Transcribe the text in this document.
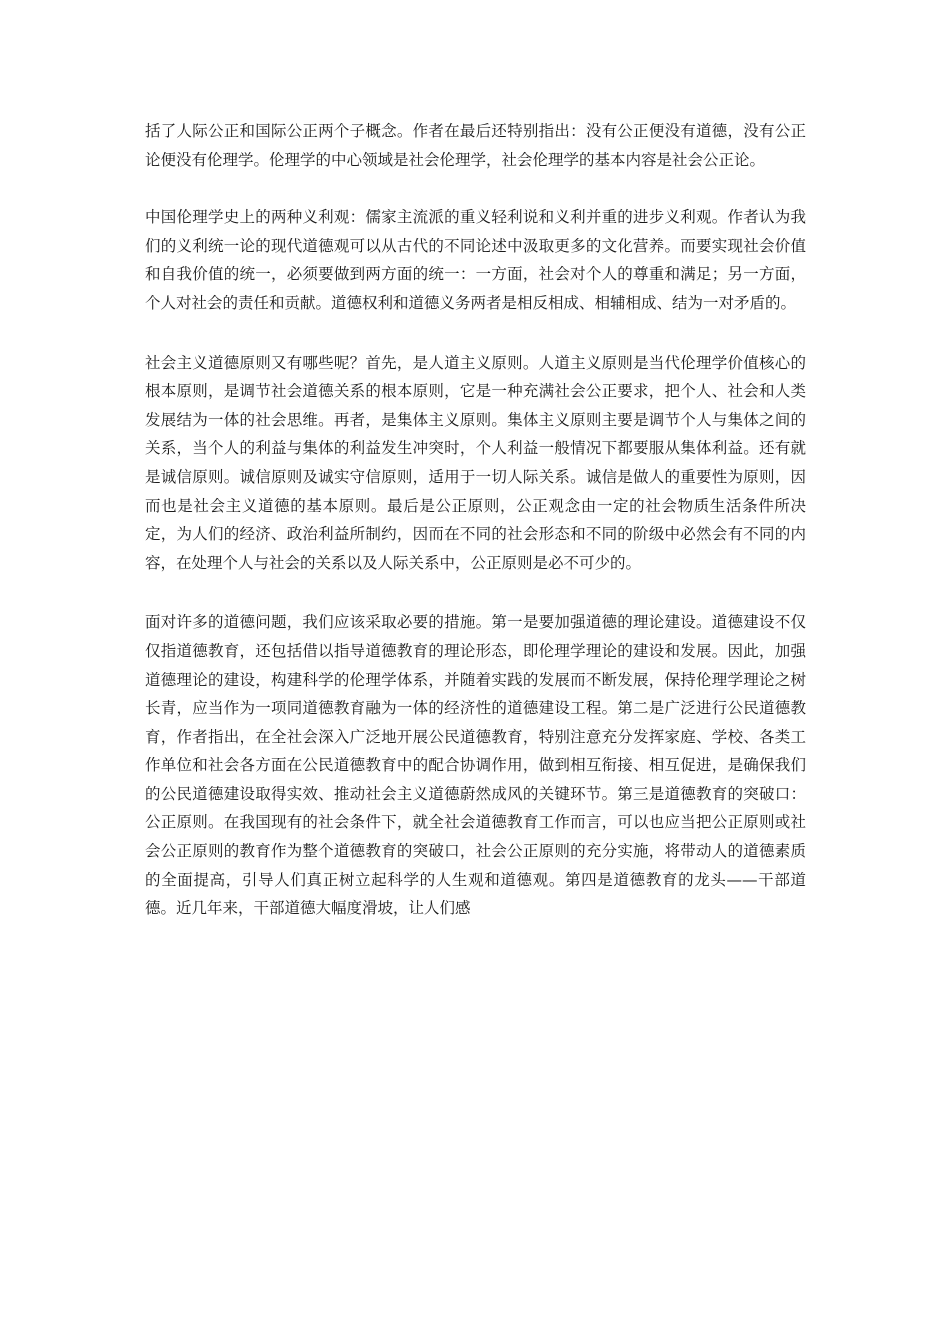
括了人际公正和国际公正两个子概念。作者在最后还特别指出：没有公正便没有道德，没有公正论便没有伦理学。伦理学的中心领域是社会伦理学，社会伦理学的基本内容是社会公正论。

中国伦理学史上的两种义利观：儒家主流派的重义轻利说和义利并重的进步义利观。作者认为我们的义利统一论的现代道德观可以从古代的不同论述中汲取更多的文化营养。而要实现社会价值和自我价值的统一，必须要做到两方面的统一：一方面，社会对个人的尊重和满足；另一方面，个人对社会的责任和贡献。道德权利和道德义务两者是相反相成、相辅相成、结为一对矛盾的。

社会主义道德原则又有哪些呢？首先，是人道主义原则。人道主义原则是当代伦理学价值核心的根本原则，是调节社会道德关系的根本原则，它是一种充满社会公正要求，把个人、社会和人类发展结为一体的社会思维。再者，是集体主义原则。集体主义原则主要是调节个人与集体之间的关系，当个人的利益与集体的利益发生冲突时，个人利益一般情况下都要服从集体利益。还有就是诚信原则。诚信原则及诚实守信原则，适用于一切人际关系。诚信是做人的重要性为原则，因而也是社会主义道德的基本原则。最后是公正原则，公正观念由一定的社会物质生活条件所决定，为人们的经济、政治利益所制约，因而在不同的社会形态和不同的阶级中必然会有不同的内容，在处理个人与社会的关系以及人际关系中，公正原则是必不可少的。

面对许多的道德问题，我们应该采取必要的措施。第一是要加强道德的理论建设。道德建设不仅仅指道德教育，还包括借以指导道德教育的理论形态，即伦理学理论的建设和发展。因此，加强道德理论的建设，构建科学的伦理学体系，并随着实践的发展而不断发展，保持伦理学理论之树长青，应当作为一项同道德教育融为一体的经济性的道德建设工程。第二是广泛进行公民道德教育，作者指出，在全社会深入广泛地开展公民道德教育，特别注意充分发挥家庭、学校、各类工作单位和社会各方面在公民道德教育中的配合协调作用，做到相互衔接、相互促进，是确保我们的公民道德建设取得实效、推动社会主义道德蔚然成风的关键环节。第三是道德教育的突破口：公正原则。在我国现有的社会条件下，就全社会道德教育工作而言，可以也应当把公正原则或社会公正原则的教育作为整个道德教育的突破口，社会公正原则的充分实施，将带动人的道德素质的全面提高，引导人们真正树立起科学的人生观和道德观。第四是道德教育的龙头——干部道德。近几年来，干部道德大幅度滑坡，让人们感
